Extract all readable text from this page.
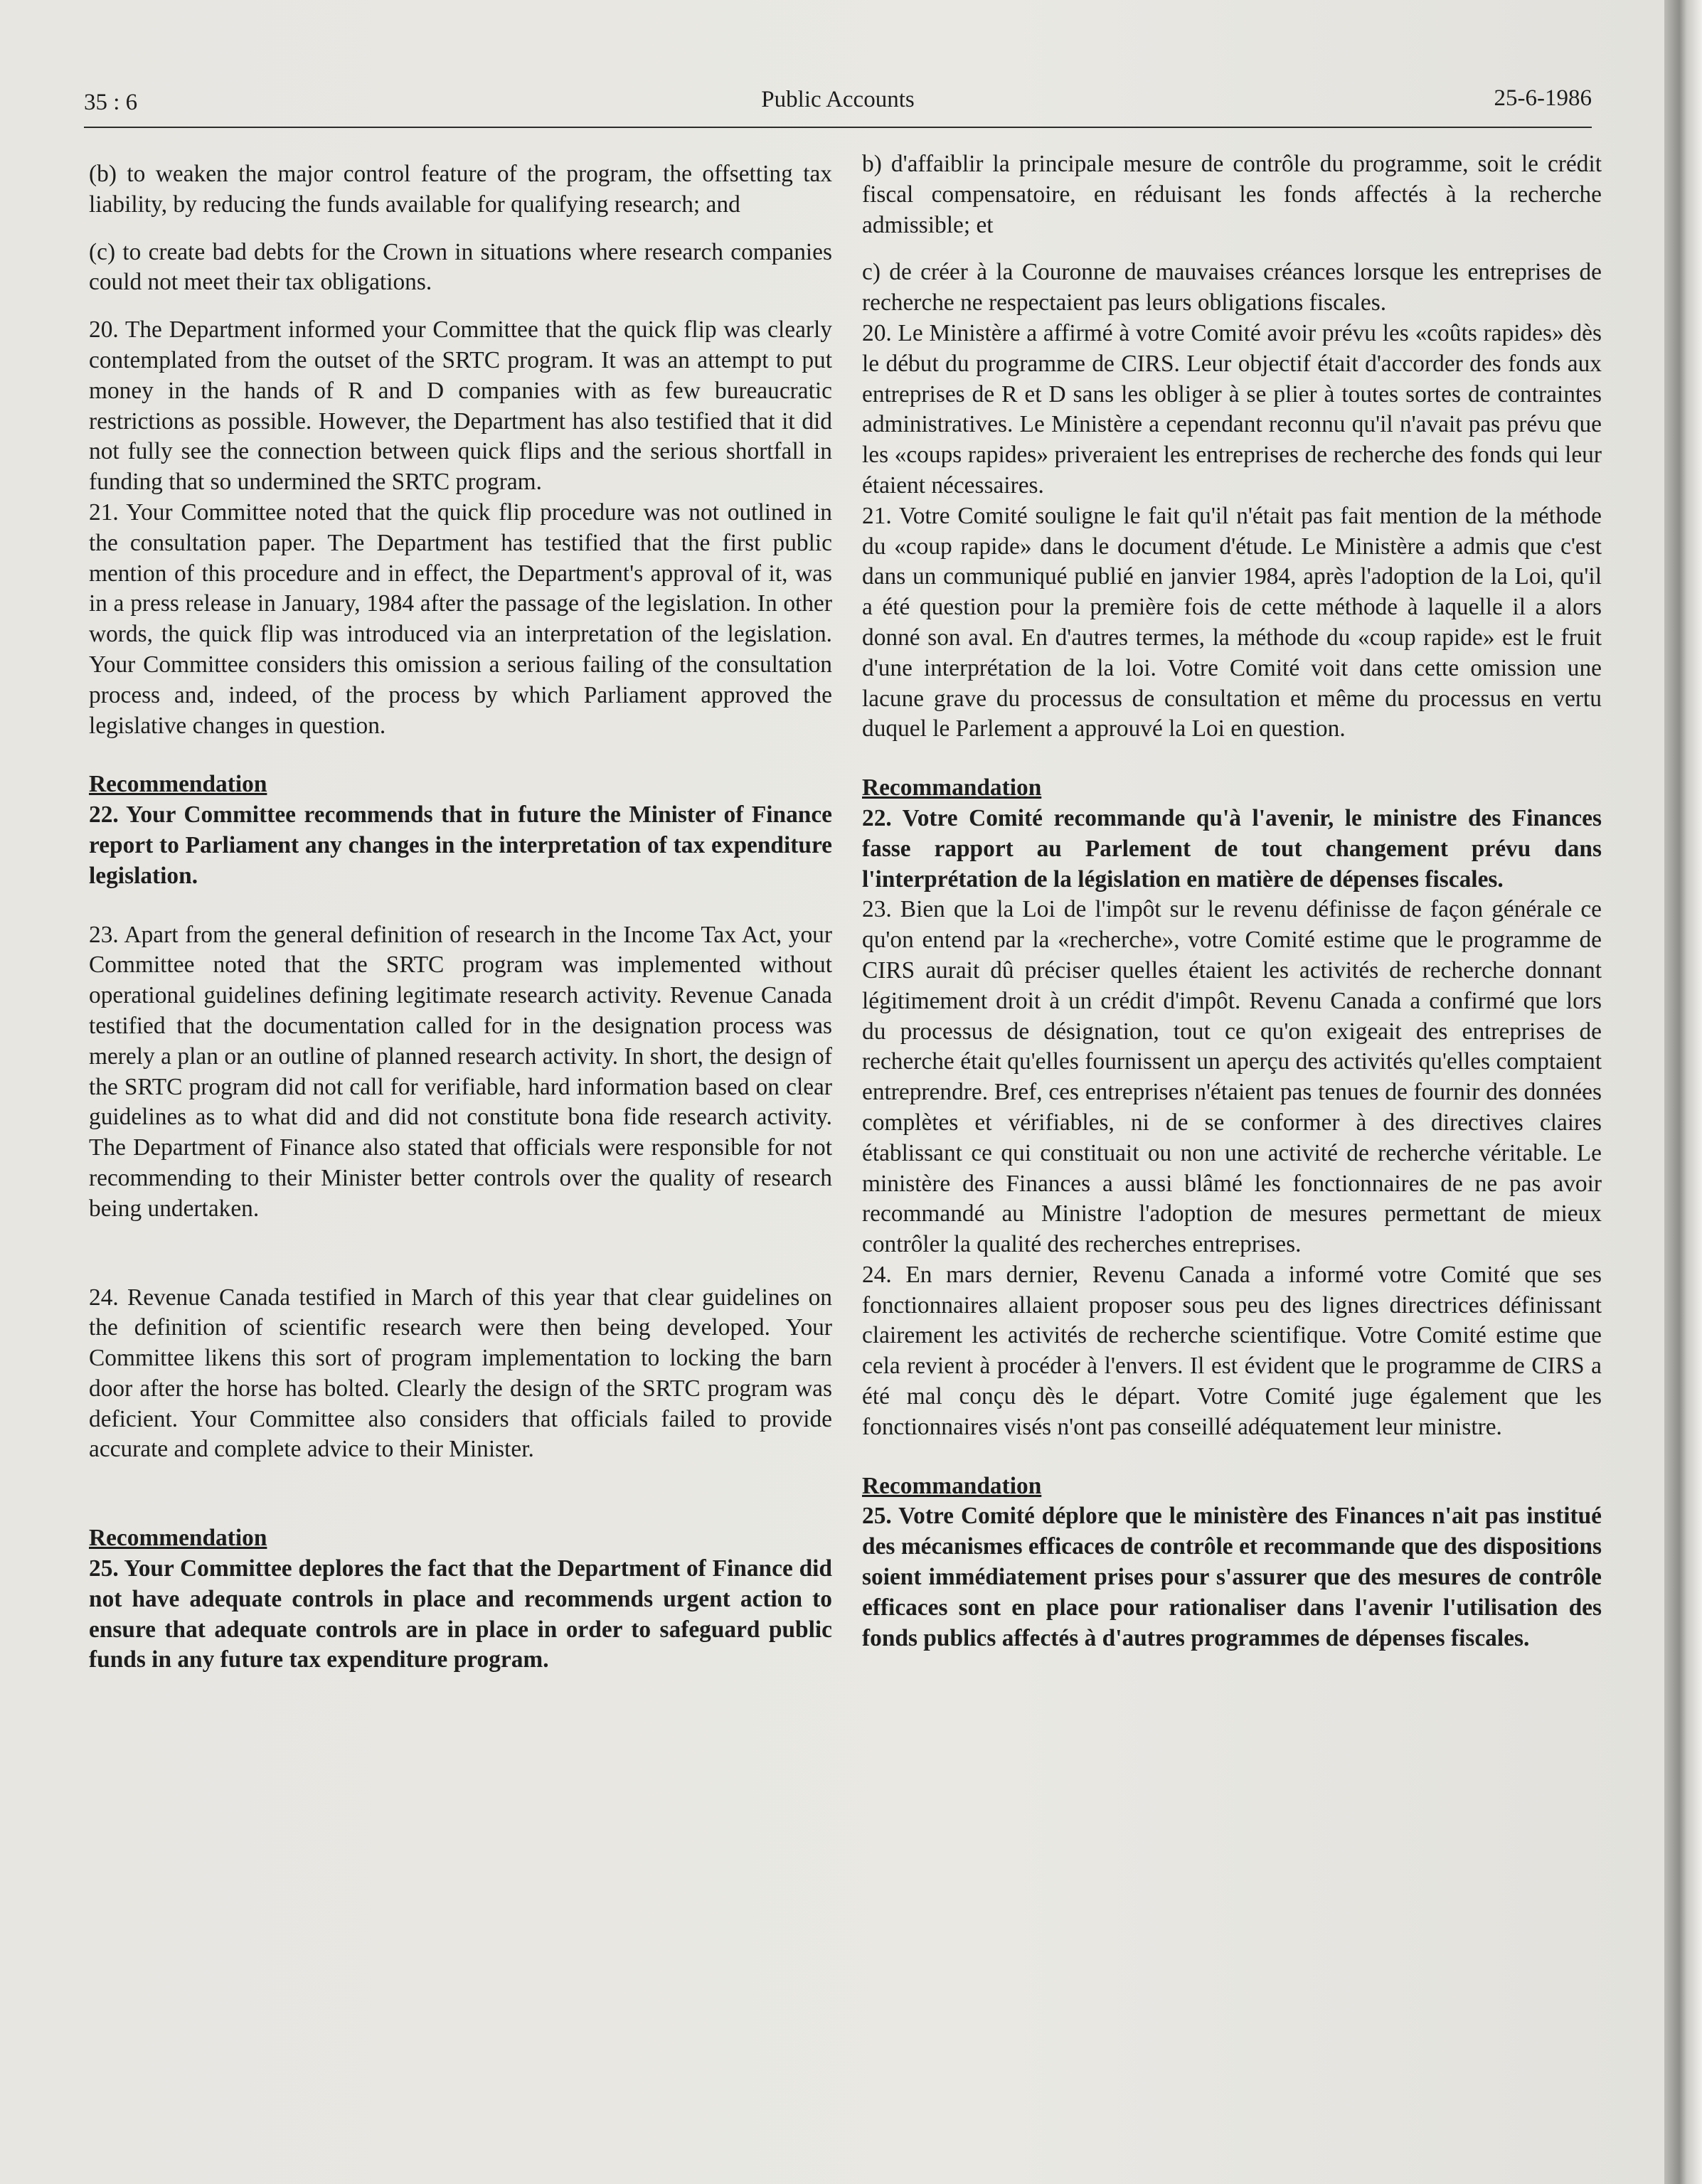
35 : 6	Public Accounts	25-6-1986

(b) to weaken the major control feature of the program, the offsetting tax liability, by reducing the funds available for qualifying research; and

(c) to create bad debts for the Crown in situations where research companies could not meet their tax obligations.

20. The Department informed your Committee that the quick flip was clearly contemplated from the outset of the SRTC program. It was an attempt to put money in the hands of R and D companies with as few bureaucratic restrictions as possible. However, the Department has also testified that it did not fully see the connection between quick flips and the serious shortfall in funding that so undermined the SRTC program.

21. Your Committee noted that the quick flip procedure was not outlined in the consultation paper. The Department has testified that the first public mention of this procedure and in effect, the Department's approval of it, was in a press release in January, 1984 after the passage of the legislation. In other words, the quick flip was introduced via an interpretation of the legislation. Your Committee considers this omission a serious failing of the consultation process and, indeed, of the process by which Parliament approved the legislative changes in question.

Recommendation

22. Your Committee recommends that in future the Minister of Finance report to Parliament any changes in the interpretation of tax expenditure legislation.

23. Apart from the general definition of research in the Income Tax Act, your Committee noted that the SRTC program was implemented without operational guidelines defining legitimate research activity. Revenue Canada testified that the documentation called for in the designation process was merely a plan or an outline of planned research activity. In short, the design of the SRTC program did not call for verifiable, hard information based on clear guidelines as to what did and did not constitute bona fide research activity. The Department of Finance also stated that officials were responsible for not recommending to their Minister better controls over the quality of research being undertaken.

24. Revenue Canada testified in March of this year that clear guidelines on the definition of scientific research were then being developed. Your Committee likens this sort of program implementation to locking the barn door after the horse has bolted. Clearly the design of the SRTC program was deficient. Your Committee also considers that officials failed to provide accurate and complete advice to their Minister.

Recommendation

25. Your Committee deplores the fact that the Department of Finance did not have adequate controls in place and recommends urgent action to ensure that adequate controls are in place in order to safeguard public funds in any future tax expenditure program.

b) d'affaiblir la principale mesure de contrôle du programme, soit le crédit fiscal compensatoire, en réduisant les fonds affectés à la recherche admissible; et

c) de créer à la Couronne de mauvaises créances lorsque les entreprises de recherche ne respectaient pas leurs obligations fiscales.

20. Le Ministère a affirmé à votre Comité avoir prévu les «coûts rapides» dès le début du programme de CIRS. Leur objectif était d'accorder des fonds aux entreprises de R et D sans les obliger à se plier à toutes sortes de contraintes administratives. Le Ministère a cependant reconnu qu'il n'avait pas prévu que les «coups rapides» priveraient les entreprises de recherche des fonds qui leur étaient nécessaires.

21. Votre Comité souligne le fait qu'il n'était pas fait mention de la méthode du «coup rapide» dans le document d'étude. Le Ministère a admis que c'est dans un communiqué publié en janvier 1984, après l'adoption de la Loi, qu'il a été question pour la première fois de cette méthode à laquelle il a alors donné son aval. En d'autres termes, la méthode du «coup rapide» est le fruit d'une interprétation de la loi. Votre Comité voit dans cette omission une lacune grave du processus de consultation et même du processus en vertu duquel le Parlement a approuvé la Loi en question.

Recommandation

22. Votre Comité recommande qu'à l'avenir, le ministre des Finances fasse rapport au Parlement de tout changement prévu dans l'interprétation de la législation en matière de dépenses fiscales.

23. Bien que la Loi de l'impôt sur le revenu définisse de façon générale ce qu'on entend par la «recherche», votre Comité estime que le programme de CIRS aurait dû préciser quelles étaient les activités de recherche donnant légitimement droit à un crédit d'impôt. Revenu Canada a confirmé que lors du processus de désignation, tout ce qu'on exigeait des entreprises de recherche était qu'elles fournissent un aperçu des activités qu'elles comptaient entreprendre. Bref, ces entreprises n'étaient pas tenues de fournir des données complètes et vérifiables, ni de se conformer à des directives claires établissant ce qui constituait ou non une activité de recherche véritable. Le ministère des Finances a aussi blâmé les fonctionnaires de ne pas avoir recommandé au Ministre l'adoption de mesures permettant de mieux contrôler la qualité des recherches entreprises.

24. En mars dernier, Revenu Canada a informé votre Comité que ses fonctionnaires allaient proposer sous peu des lignes directrices définissant clairement les activités de recherche scientifique. Votre Comité estime que cela revient à procéder à l'envers. Il est évident que le programme de CIRS a été mal conçu dès le départ. Votre Comité juge également que les fonctionnaires visés n'ont pas conseillé adéquatement leur ministre.

Recommandation

25. Votre Comité déplore que le ministère des Finances n'ait pas institué des mécanismes efficaces de contrôle et recommande que des dispositions soient immédiatement prises pour s'assurer que des mesures de contrôle efficaces sont en place pour rationaliser dans l'avenir l'utilisation des fonds publics affectés à d'autres programmes de dépenses fiscales.
